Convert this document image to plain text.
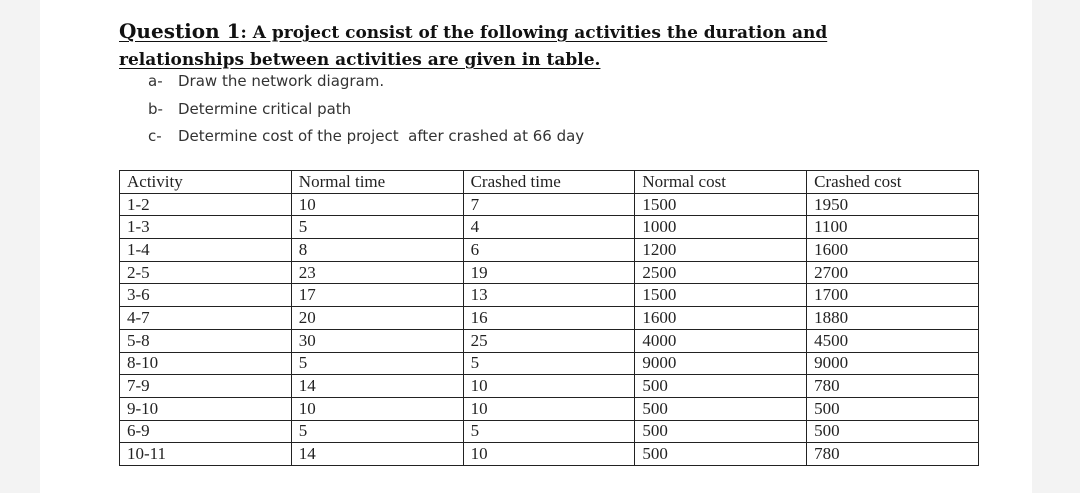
Question 1: A project consist of the following activities the duration and relationships between activities are given in table.
a-	Draw the network diagram.
b-	Determine critical path
c-	Determine cost of the project  after crashed at 66 day
Activity	Normal time	Crashed time	Normal cost	Crashed cost
1-2	10	7	1500	1950
1-3	5	4	1000	1100
1-4	8	6	1200	1600
2-5	23	19	2500	2700
3-6	17	13	1500	1700
4-7	20	16	1600	1880
5-8	30	25	4000	4500
8-10	5	5	9000	9000
7-9	14	10	500	780
9-10	10	10	500	500
6-9	5	5	500	500
10-11	14	10	500	780
